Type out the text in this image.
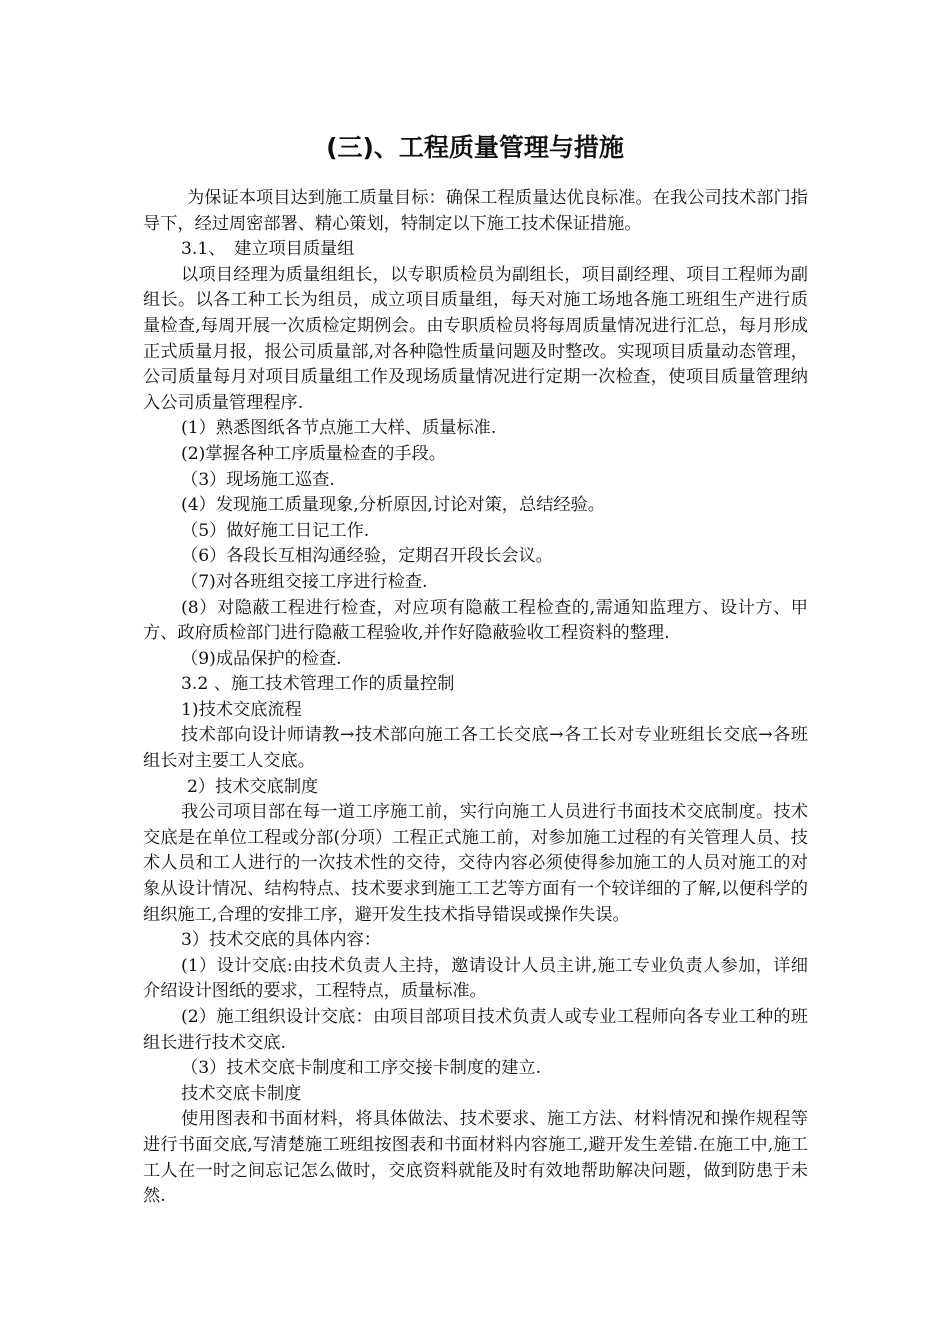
(三)、工程质量管理与措施

为保证本项目达到施工质量目标：确保工程质量达优良标准。在我公司技术部门指导下，经过周密部署、精心策划，特制定以下施工技术保证措施。

3.1、　建立项目质量组

以项目经理为质量组组长，以专职质检员为副组长，项目副经理、项目工程师为副组长。以各工种工长为组员，成立项目质量组，每天对施工场地各施工班组生产进行质量检查,每周开展一次质检定期例会。由专职质检员将每周质量情况进行汇总，每月形成正式质量月报，报公司质量部,对各种隐性质量问题及时整改。实现项目质量动态管理，公司质量每月对项目质量组工作及现场质量情况进行定期一次检查，使项目质量管理纳入公司质量管理程序.

(1）熟悉图纸各节点施工大样、质量标准.

(2)掌握各种工序质量检查的手段。

（3）现场施工巡查.

(4）发现施工质量现象,分析原因,讨论对策，总结经验。

（5）做好施工日记工作.

（6）各段长互相沟通经验，定期召开段长会议。

（7)对各班组交接工序进行检查.

(8）对隐蔽工程进行检查，对应项有隐蔽工程检查的,需通知监理方、设计方、甲方、政府质检部门进行隐蔽工程验收,并作好隐蔽验收工程资料的整理.

（9)成品保护的检查.

3.2 、施工技术管理工作的质量控制

1)技术交底流程

技术部向设计师请教→技术部向施工各工长交底→各工长对专业班组长交底→各班组长对主要工人交底。

2）技术交底制度

我公司项目部在每一道工序施工前，实行向施工人员进行书面技术交底制度。技术交底是在单位工程或分部(分项）工程正式施工前，对参加施工过程的有关管理人员、技术人员和工人进行的一次技术性的交待，交待内容必须使得参加施工的人员对施工的对象从设计情况、结构特点、技术要求到施工工艺等方面有一个较详细的了解,以便科学的组织施工,合理的安排工序，避开发生技术指导错误或操作失误。

3）技术交底的具体内容：

(1）设计交底:由技术负责人主持，邀请设计人员主讲,施工专业负责人参加，详细介绍设计图纸的要求，工程特点，质量标准。

(2）施工组织设计交底：由项目部项目技术负责人或专业工程师向各专业工种的班组长进行技术交底.

（3）技术交底卡制度和工序交接卡制度的建立.

技术交底卡制度

使用图表和书面材料，将具体做法、技术要求、施工方法、材料情况和操作规程等进行书面交底,写清楚施工班组按图表和书面材料内容施工,避开发生差错.在施工中,施工工人在一时之间忘记怎么做时，交底资料就能及时有效地帮助解决问题，做到防患于未然.
